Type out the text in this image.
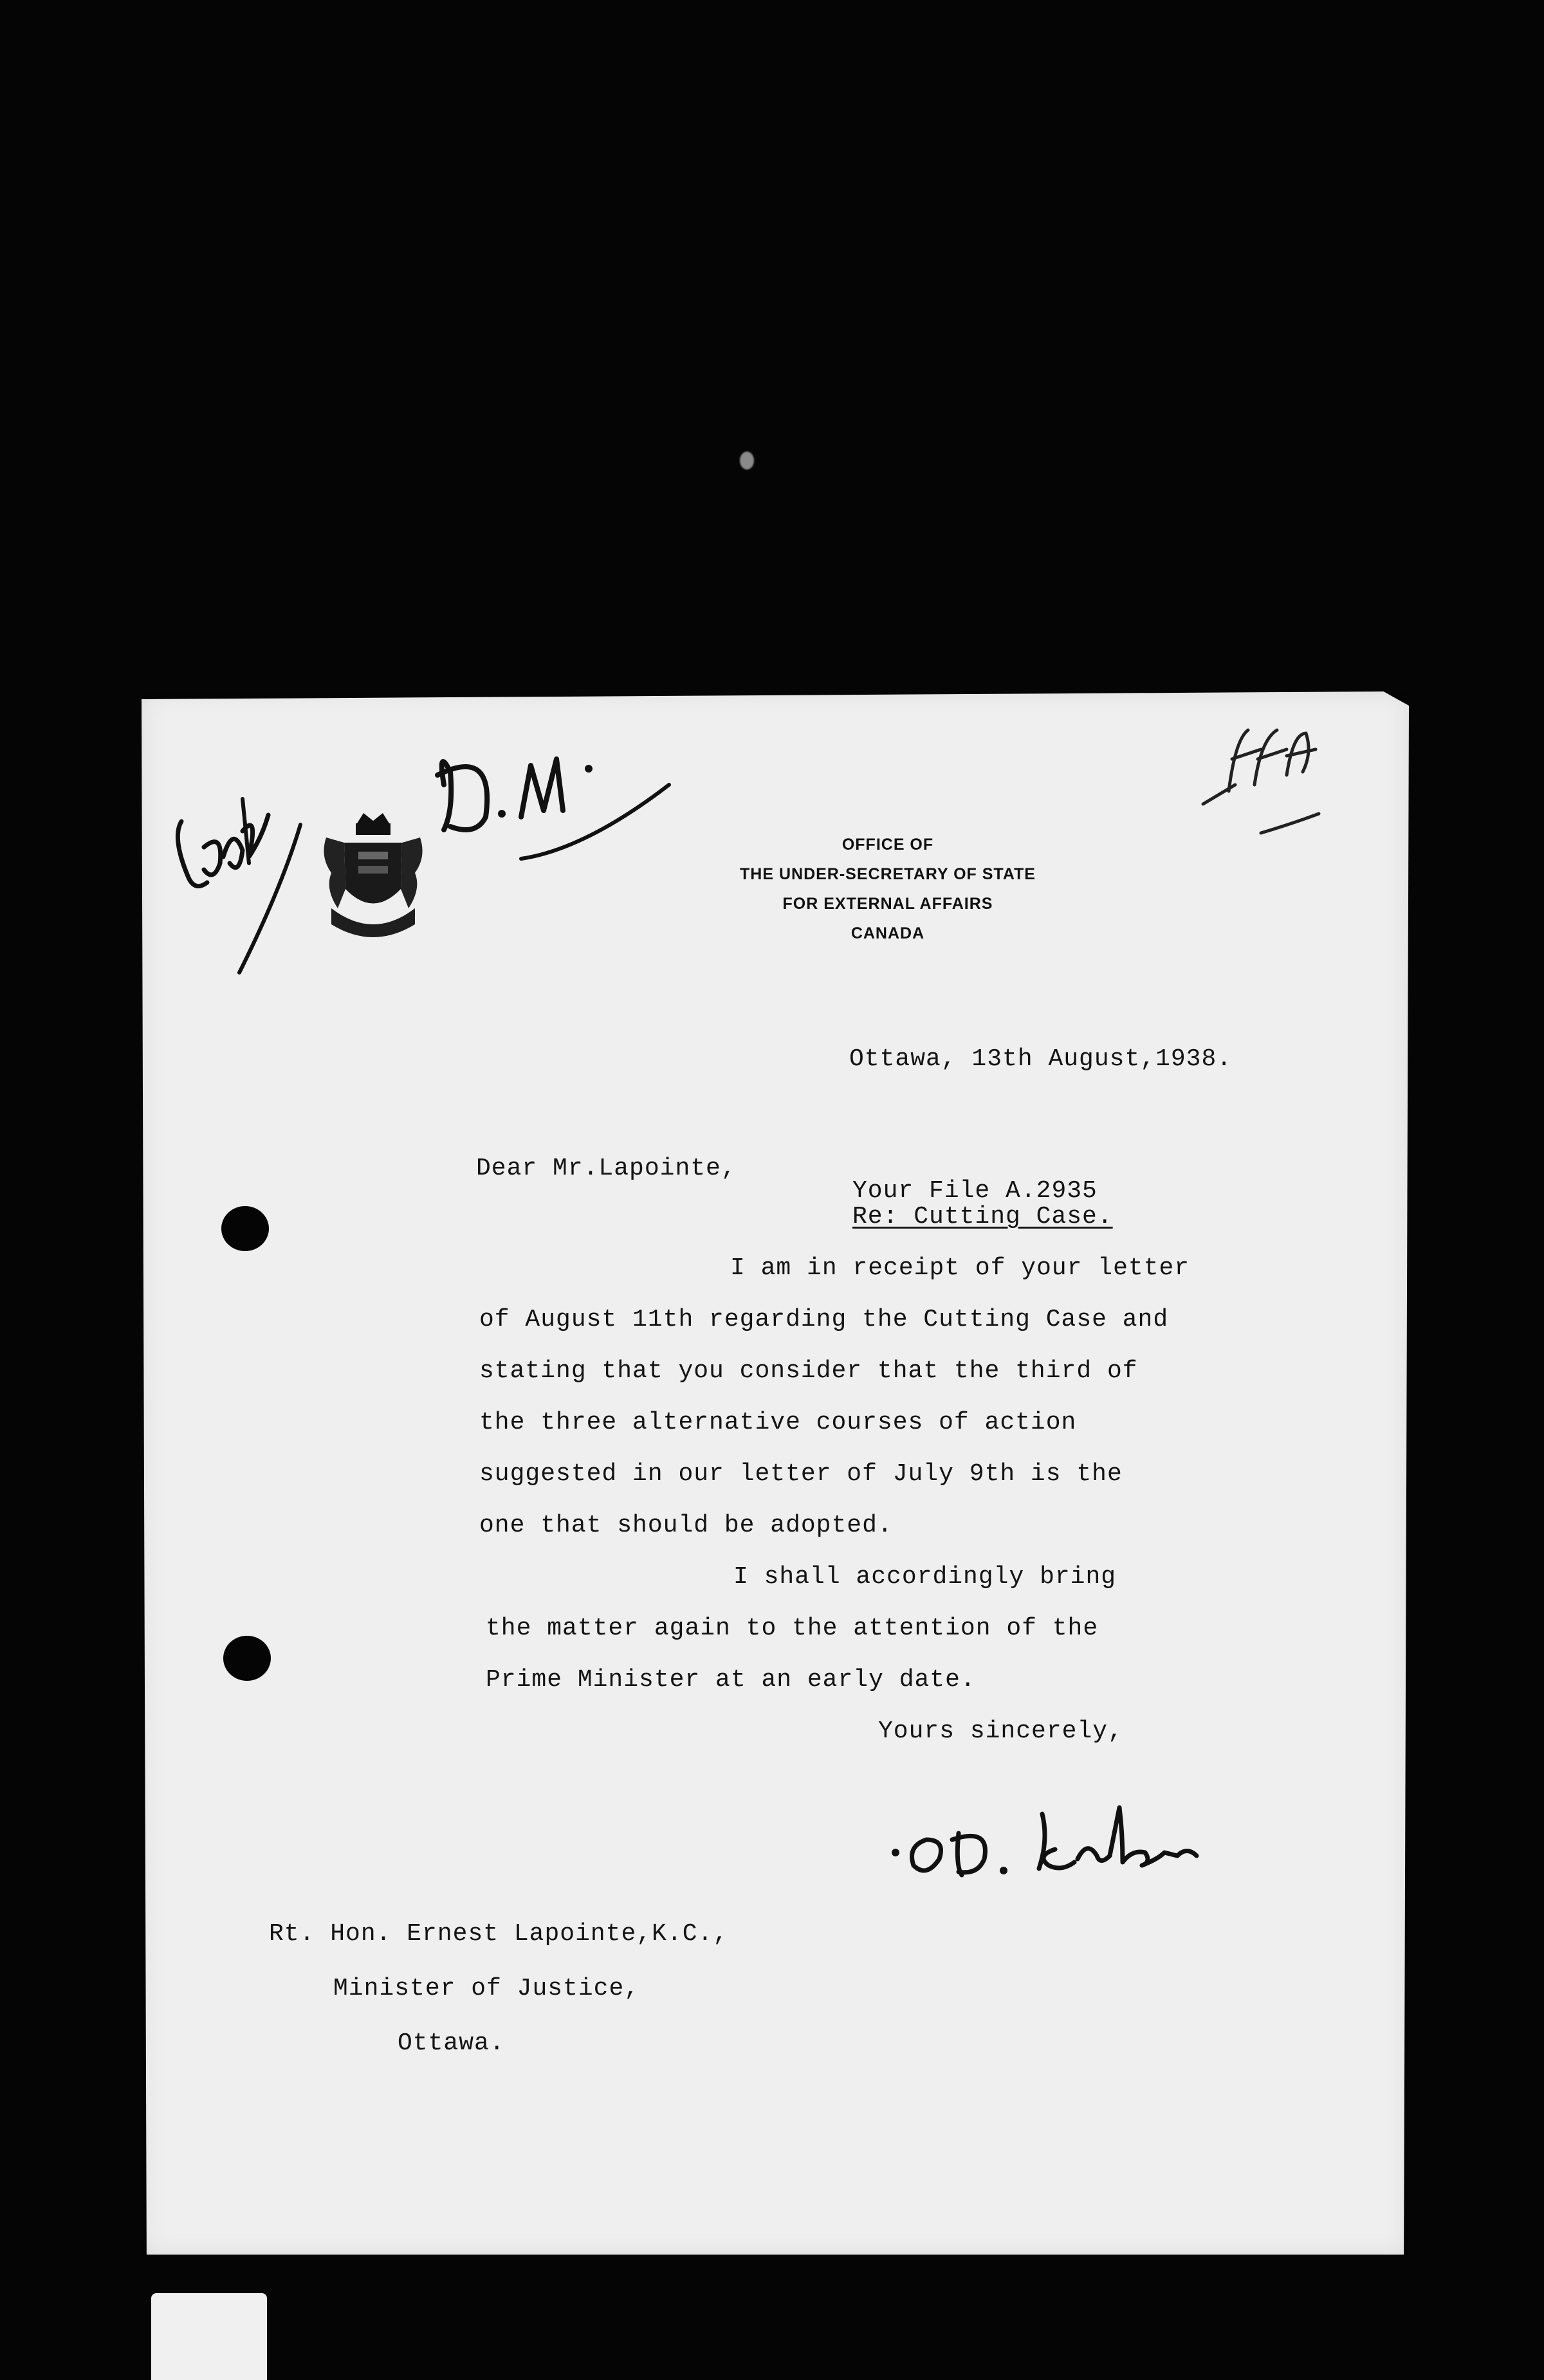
OFFICE OF
THE UNDER-SECRETARY OF STATE
FOR EXTERNAL AFFAIRS
CANADA
Ottawa, 13th August,1938.
Dear Mr.Lapointe,
Your File A.2935
Re: Cutting Case.
I am in receipt of your letter
of August 11th regarding the Cutting Case and
stating that you consider that the third of
the three alternative courses of action
suggested in our letter of July 9th is the
one that should be adopted.
I shall accordingly bring
the matter again to the attention of the
Prime Minister at an early date.
Yours sincerely,
Rt. Hon. Ernest Lapointe,K.C.,
Minister of Justice,
Ottawa.
